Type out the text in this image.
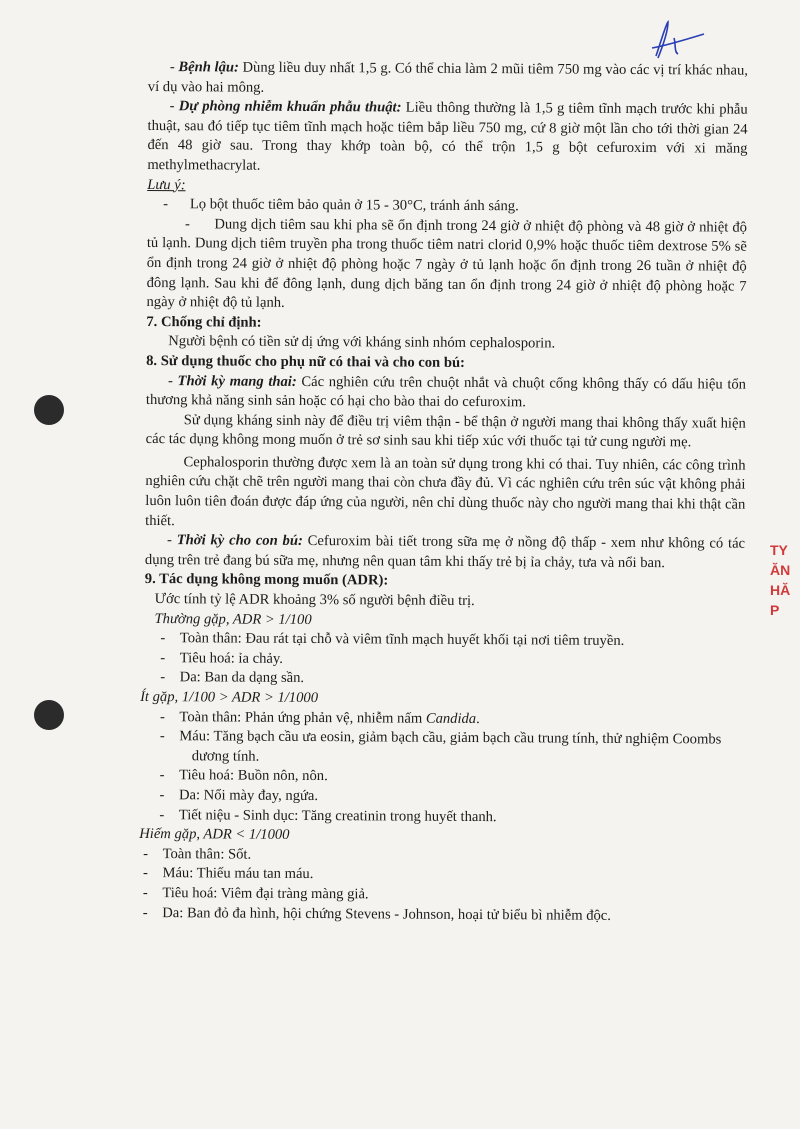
TY
ĂN
HĂ
P

- Bệnh lậu: Dùng liều duy nhất 1,5 g. Có thể chia làm 2 mũi tiêm 750 mg vào các vị trí khác nhau, ví dụ vào hai mông.

- Dự phòng nhiễm khuẩn phẫu thuật: Liều thông thường là 1,5 g tiêm tĩnh mạch trước khi phẫu thuật, sau đó tiếp tục tiêm tĩnh mạch hoặc tiêm bắp liều 750 mg, cứ 8 giờ một lần cho tới thời gian 24 đến 48 giờ sau. Trong thay khớp toàn bộ, có thể trộn 1,5 g bột cefuroxim với xi măng methylmethacrylat.

Lưu ý:

-      Lọ bột thuốc tiêm bảo quản ở 15 - 30°C, tránh ánh sáng.

-      Dung dịch tiêm sau khi pha sẽ ổn định trong 24 giờ ở nhiệt độ phòng và 48 giờ ở nhiệt độ tủ lạnh. Dung dịch tiêm truyền pha trong thuốc tiêm natri clorid 0,9% hoặc thuốc tiêm dextrose 5% sẽ ổn định trong 24 giờ ở nhiệt độ phòng hoặc 7 ngày ở tủ lạnh hoặc ổn định trong 26 tuần ở nhiệt độ đông lạnh. Sau khi để đông lạnh, dung dịch băng tan ổn định trong 24 giờ ở nhiệt độ phòng hoặc 7 ngày ở nhiệt độ tủ lạnh.

7. Chống chỉ định:

Người bệnh có tiền sử dị ứng với kháng sinh nhóm cephalosporin.

8. Sử dụng thuốc cho phụ nữ có thai và cho con bú:

- Thời kỳ mang thai: Các nghiên cứu trên chuột nhắt và chuột cống không thấy có dấu hiệu tổn thương khả năng sinh sản hoặc có hại cho bào thai do cefuroxim.

Sử dụng kháng sinh này để điều trị viêm thận - bể thận ở người mang thai không thấy xuất hiện các tác dụng không mong muốn ở trẻ sơ sinh sau khi tiếp xúc với thuốc tại tử cung người mẹ.

Cephalosporin thường được xem là an toàn sử dụng trong khi có thai. Tuy nhiên, các công trình nghiên cứu chặt chẽ trên người mang thai còn chưa đầy đủ. Vì các nghiên cứu trên súc vật không phải luôn luôn tiên đoán được đáp ứng của người, nên chỉ dùng thuốc này cho người mang thai khi thật cần thiết.

- Thời kỳ cho con bú: Cefuroxim bài tiết trong sữa mẹ ở nồng độ thấp - xem như không có tác dụng trên trẻ đang bú sữa mẹ, nhưng nên quan tâm khi thấy trẻ bị ỉa chảy, tưa và nổi ban.

9. Tác dụng không mong muốn (ADR):

Ước tính tỷ lệ ADR khoảng 3% số người bệnh điều trị.

Thường gặp, ADR > 1/100

-    Toàn thân: Đau rát tại chỗ và viêm tĩnh mạch huyết khối tại nơi tiêm truyền.

-    Tiêu hoá: ỉa chảy.

-    Da: Ban da dạng sần.

Ít gặp, 1/100 > ADR > 1/1000

-    Toàn thân: Phản ứng phản vệ, nhiễm nấm Candida.

-    Máu: Tăng bạch cầu ưa eosin, giảm bạch cầu, giảm bạch cầu trung tính, thử nghiệm Coombs dương tính.

-    Tiêu hoá: Buồn nôn, nôn.

-    Da: Nổi mày đay, ngứa.

-    Tiết niệu - Sinh dục: Tăng creatinin trong huyết thanh.

Hiếm gặp, ADR < 1/1000

-    Toàn thân: Sốt.

-    Máu: Thiếu máu tan máu.

-    Tiêu hoá: Viêm đại tràng màng giả.

-    Da: Ban đỏ đa hình, hội chứng Stevens - Johnson, hoại tử biểu bì nhiễm độc.
